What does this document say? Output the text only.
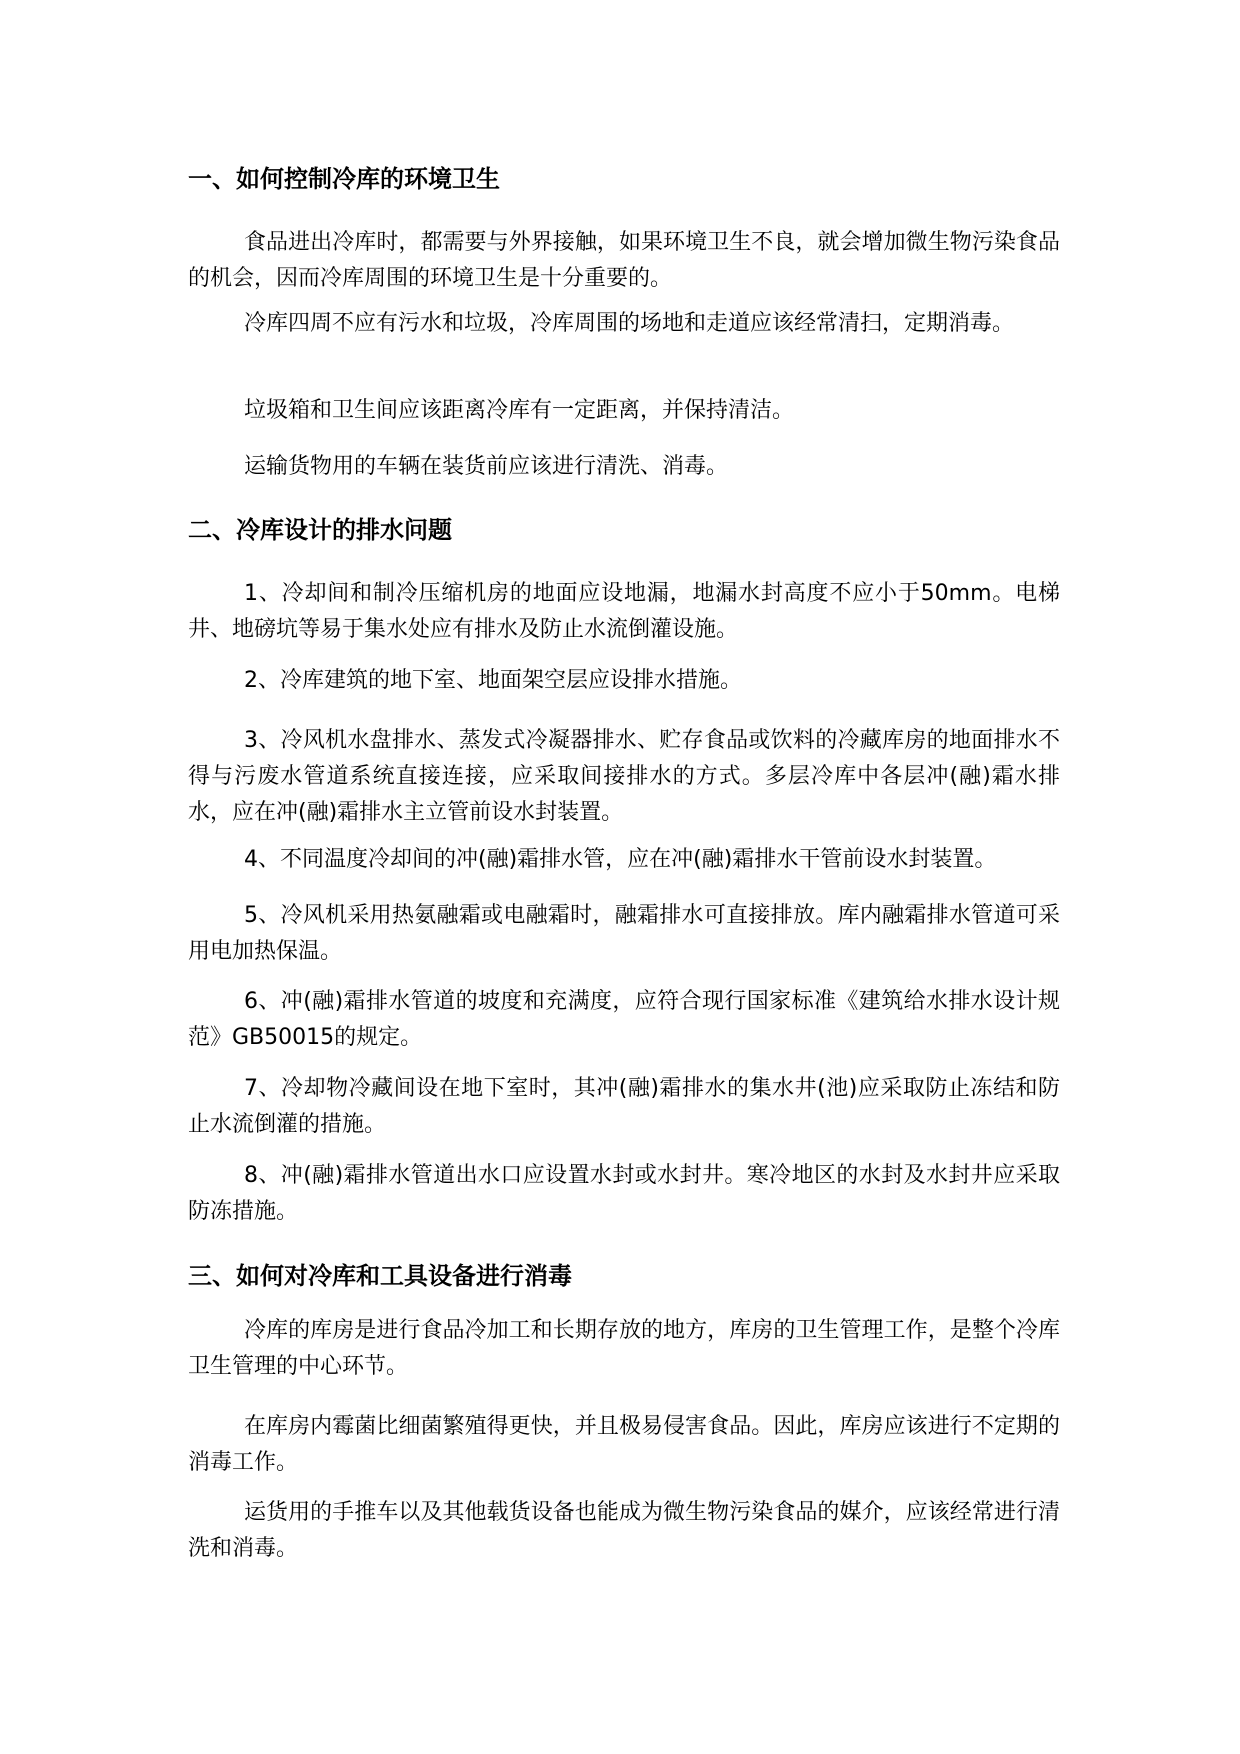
一、如何控制冷库的环境卫生

食品进出冷库时，都需要与外界接触，如果环境卫生不良，就会增加微生物污染食品的机会，因而冷库周围的环境卫生是十分重要的。

冷库四周不应有污水和垃圾，冷库周围的场地和走道应该经常清扫，定期消毒。

垃圾箱和卫生间应该距离冷库有一定距离，并保持清洁。

运输货物用的车辆在装货前应该进行清洗、消毒。

二、冷库设计的排水问题

1、冷却间和制冷压缩机房的地面应设地漏，地漏水封高度不应小于50mm。电梯井、地磅坑等易于集水处应有排水及防止水流倒灌设施。

2、冷库建筑的地下室、地面架空层应设排水措施。

3、冷风机水盘排水、蒸发式冷凝器排水、贮存食品或饮料的冷藏库房的地面排水不得与污废水管道系统直接连接，应采取间接排水的方式。多层冷库中各层冲(融)霜水排水，应在冲(融)霜排水主立管前设水封装置。

4、不同温度冷却间的冲(融)霜排水管，应在冲(融)霜排水干管前设水封装置。

5、冷风机采用热氨融霜或电融霜时，融霜排水可直接排放。库内融霜排水管道可采用电加热保温。

6、冲(融)霜排水管道的坡度和充满度，应符合现行国家标准《建筑给水排水设计规范》GB50015的规定。

7、冷却物冷藏间设在地下室时，其冲(融)霜排水的集水井(池)应采取防止冻结和防止水流倒灌的措施。

8、冲(融)霜排水管道出水口应设置水封或水封井。寒冷地区的水封及水封井应采取防冻措施。

三、如何对冷库和工具设备进行消毒

冷库的库房是进行食品冷加工和长期存放的地方，库房的卫生管理工作，是整个冷库卫生管理的中心环节。

在库房内霉菌比细菌繁殖得更快，并且极易侵害食品。因此，库房应该进行不定期的消毒工作。

运货用的手推车以及其他载货设备也能成为微生物污染食品的媒介，应该经常进行清洗和消毒。
